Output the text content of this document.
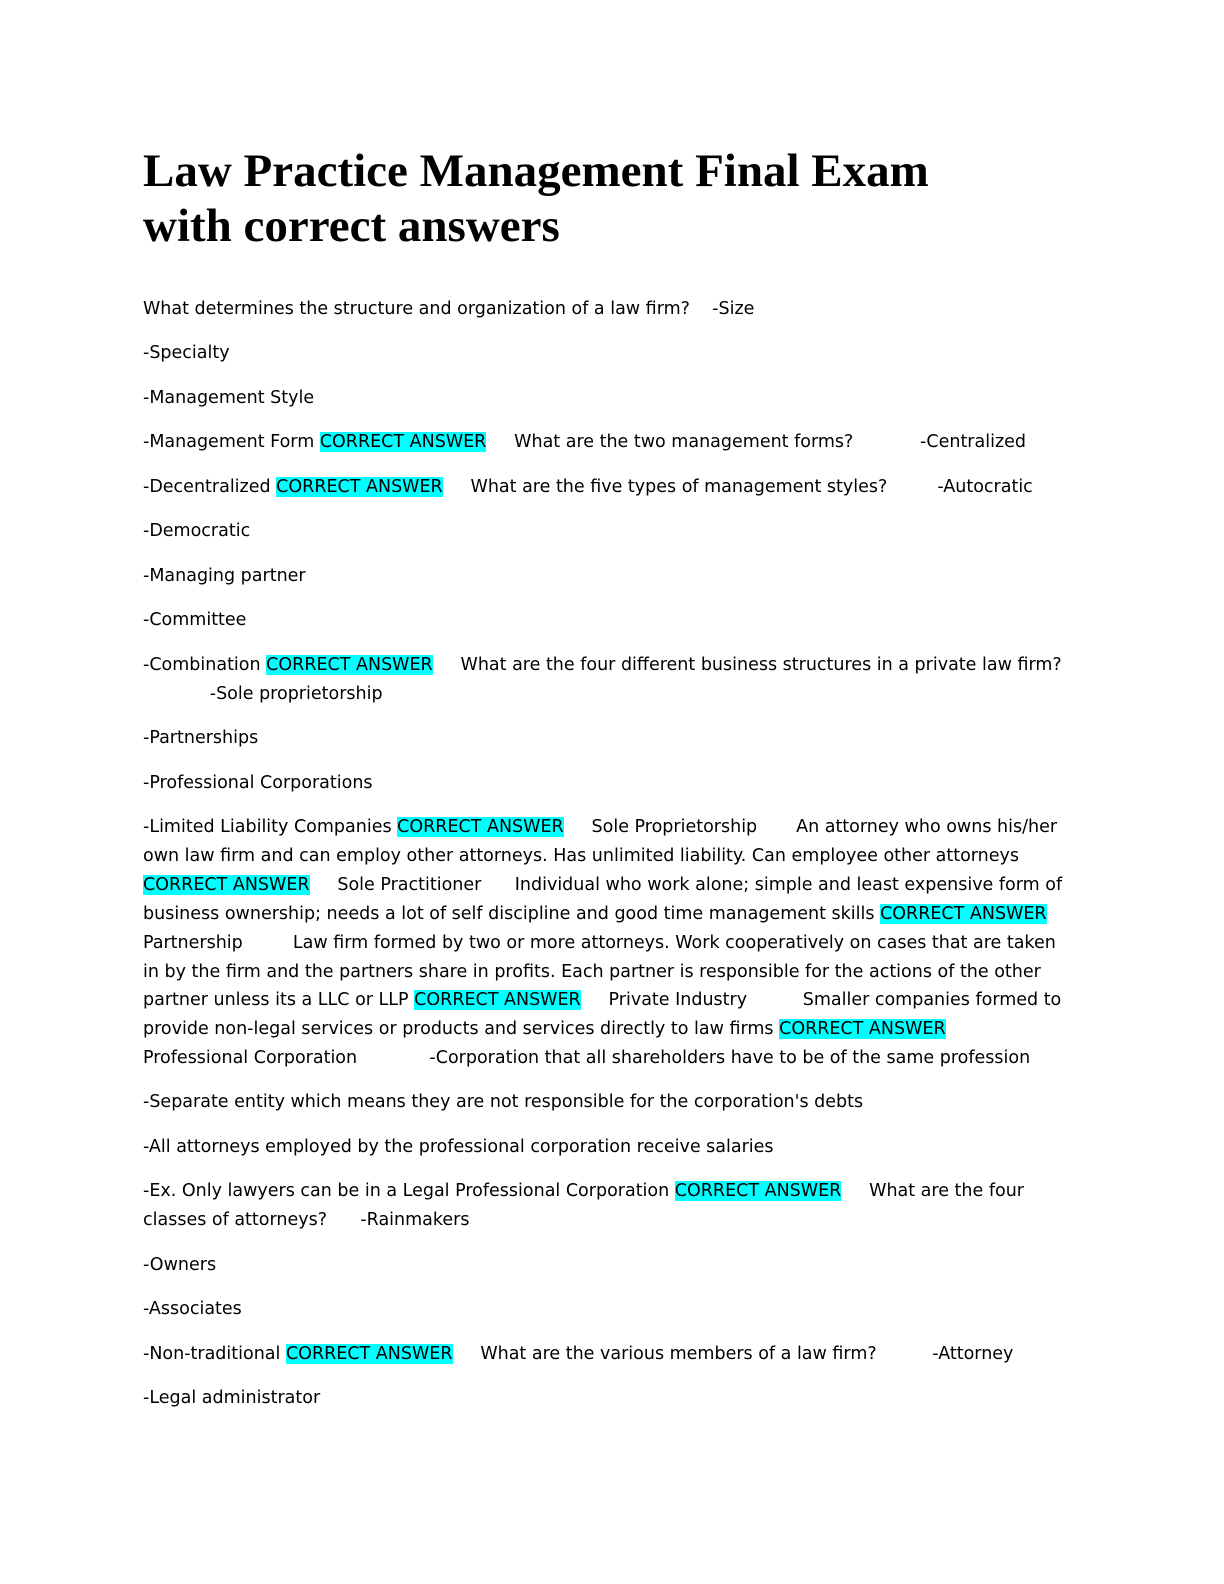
Law Practice Management Final Exam
with correct answers
What determines the structure and organization of a law firm?    -Size
-Specialty
-Management Style
-Management Form CORRECT ANSWER     What are the two management forms?            -Centralized
-Decentralized CORRECT ANSWER     What are the five types of management styles?         -Autocratic
-Democratic
-Managing partner
-Committee
-Combination CORRECT ANSWER     What are the four different business structures in a private law firm?
-Sole proprietorship
-Partnerships
-Professional Corporations
-Limited Liability Companies CORRECT ANSWER     Sole Proprietorship       An attorney who owns his/her
own law firm and can employ other attorneys. Has unlimited liability. Can employee other attorneys
CORRECT ANSWER     Sole Practitioner      Individual who work alone; simple and least expensive form of
business ownership; needs a lot of self discipline and good time management skills CORRECT ANSWER
Partnership         Law firm formed by two or more attorneys. Work cooperatively on cases that are taken
in by the firm and the partners share in profits. Each partner is responsible for the actions of the other
partner unless its a LLC or LLP CORRECT ANSWER     Private Industry          Smaller companies formed to
provide non-legal services or products and services directly to law firms CORRECT ANSWER
Professional Corporation             -Corporation that all shareholders have to be of the same profession
-Separate entity which means they are not responsible for the corporation's debts
-All attorneys employed by the professional corporation receive salaries
-Ex. Only lawyers can be in a Legal Professional Corporation CORRECT ANSWER     What are the four
classes of attorneys?      -Rainmakers
-Owners
-Associates
-Non-traditional CORRECT ANSWER     What are the various members of a law firm?          -Attorney
-Legal administrator
